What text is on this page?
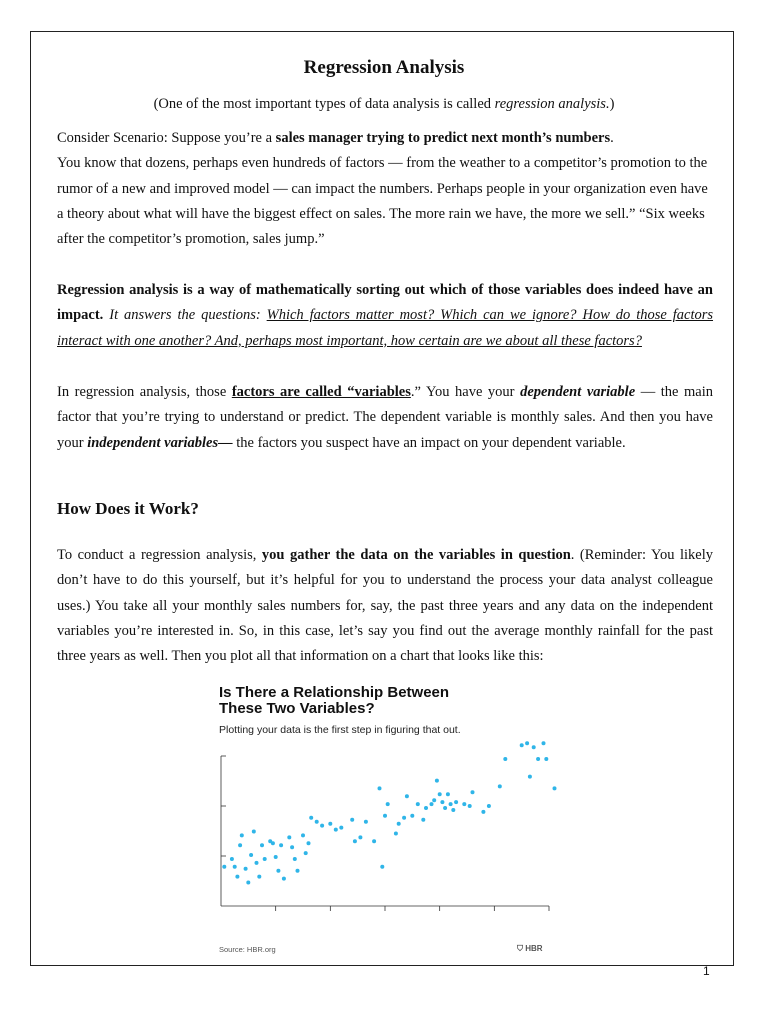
Regression Analysis
(One of the most important types of data analysis is called regression analysis.)

Consider Scenario: Suppose you’re a sales manager trying to predict next month’s numbers.
You know that dozens, perhaps even hundreds of factors — from the weather to a competitor’s promotion to the rumor of a new and improved model — can impact the numbers. Perhaps people in your organization even have a theory about what will have the biggest effect on sales. The more rain we have, the more we sell.” “Six weeks after the competitor’s promotion, sales jump.”

Regression analysis is a way of mathematically sorting out which of those variables does indeed have an impact. It answers the questions: Which factors matter most? Which can we ignore? How do those factors interact with one another? And, perhaps most important, how certain are we about all these factors?

In regression analysis, those factors are called “variables.” You have your dependent variable — the main factor that you’re trying to understand or predict. The dependent variable is monthly sales. And then you have your independent variables— the factors you suspect have an impact on your dependent variable.

How Does it Work?

To conduct a regression analysis, you gather the data on the variables in question. (Reminder: You likely don’t have to do this yourself, but it’s helpful for you to understand the process your data analyst colleague uses.) You take all your monthly sales numbers for, say, the past three years and any data on the independent variables you’re interested in. So, in this case, let’s say you find out the average monthly rainfall for the past three years as well. Then you plot all that information on a chart that looks like this:

Is There a Relationship Between
These Two Variables?
Plotting your data is the first step in figuring that out.
Source: HBR.org	⛉ HBR
1
